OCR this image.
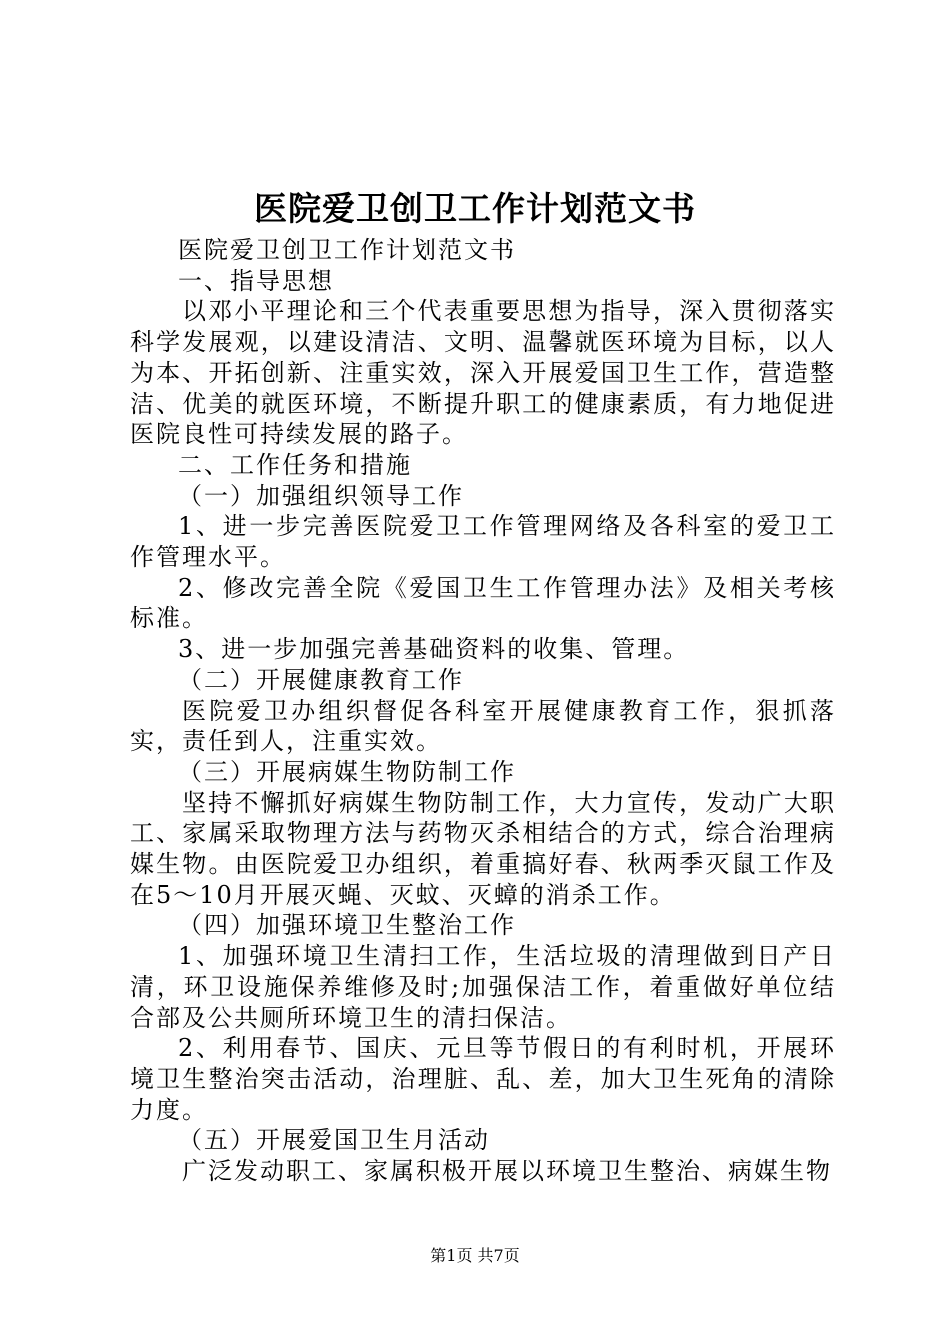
医院爱卫创卫工作计划范文书

医院爱卫创卫工作计划范文书

一、指导思想

以邓小平理论和三个代表重要思想为指导，深入贯彻落实科学发展观，以建设清洁、文明、温馨就医环境为目标，以人为本、开拓创新、注重实效，深入开展爱国卫生工作，营造整洁、优美的就医环境，不断提升职工的健康素质，有力地促进医院良性可持续发展的路子。

二、工作任务和措施

（一）加强组织领导工作

1、进一步完善医院爱卫工作管理网络及各科室的爱卫工作管理水平。

2、修改完善全院《爱国卫生工作管理办法》及相关考核标准。

3、进一步加强完善基础资料的收集、管理。

（二）开展健康教育工作

医院爱卫办组织督促各科室开展健康教育工作，狠抓落实，责任到人，注重实效。

（三）开展病媒生物防制工作

坚持不懈抓好病媒生物防制工作，大力宣传，发动广大职工、家属采取物理方法与药物灭杀相结合的方式，综合治理病媒生物。由医院爱卫办组织，着重搞好春、秋两季灭鼠工作及在5～10月开展灭蝇、灭蚊、灭蟑的消杀工作。

（四）加强环境卫生整治工作

1、加强环境卫生清扫工作，生活垃圾的清理做到日产日清，环卫设施保养维修及时;加强保洁工作，着重做好单位结合部及公共厕所环境卫生的清扫保洁。

2、利用春节、国庆、元旦等节假日的有利时机，开展环境卫生整治突击活动，治理脏、乱、差，加大卫生死角的清除力度。

（五）开展爱国卫生月活动

广泛发动职工、家属积极开展以环境卫生整治、病媒生物

第1页 共7页
